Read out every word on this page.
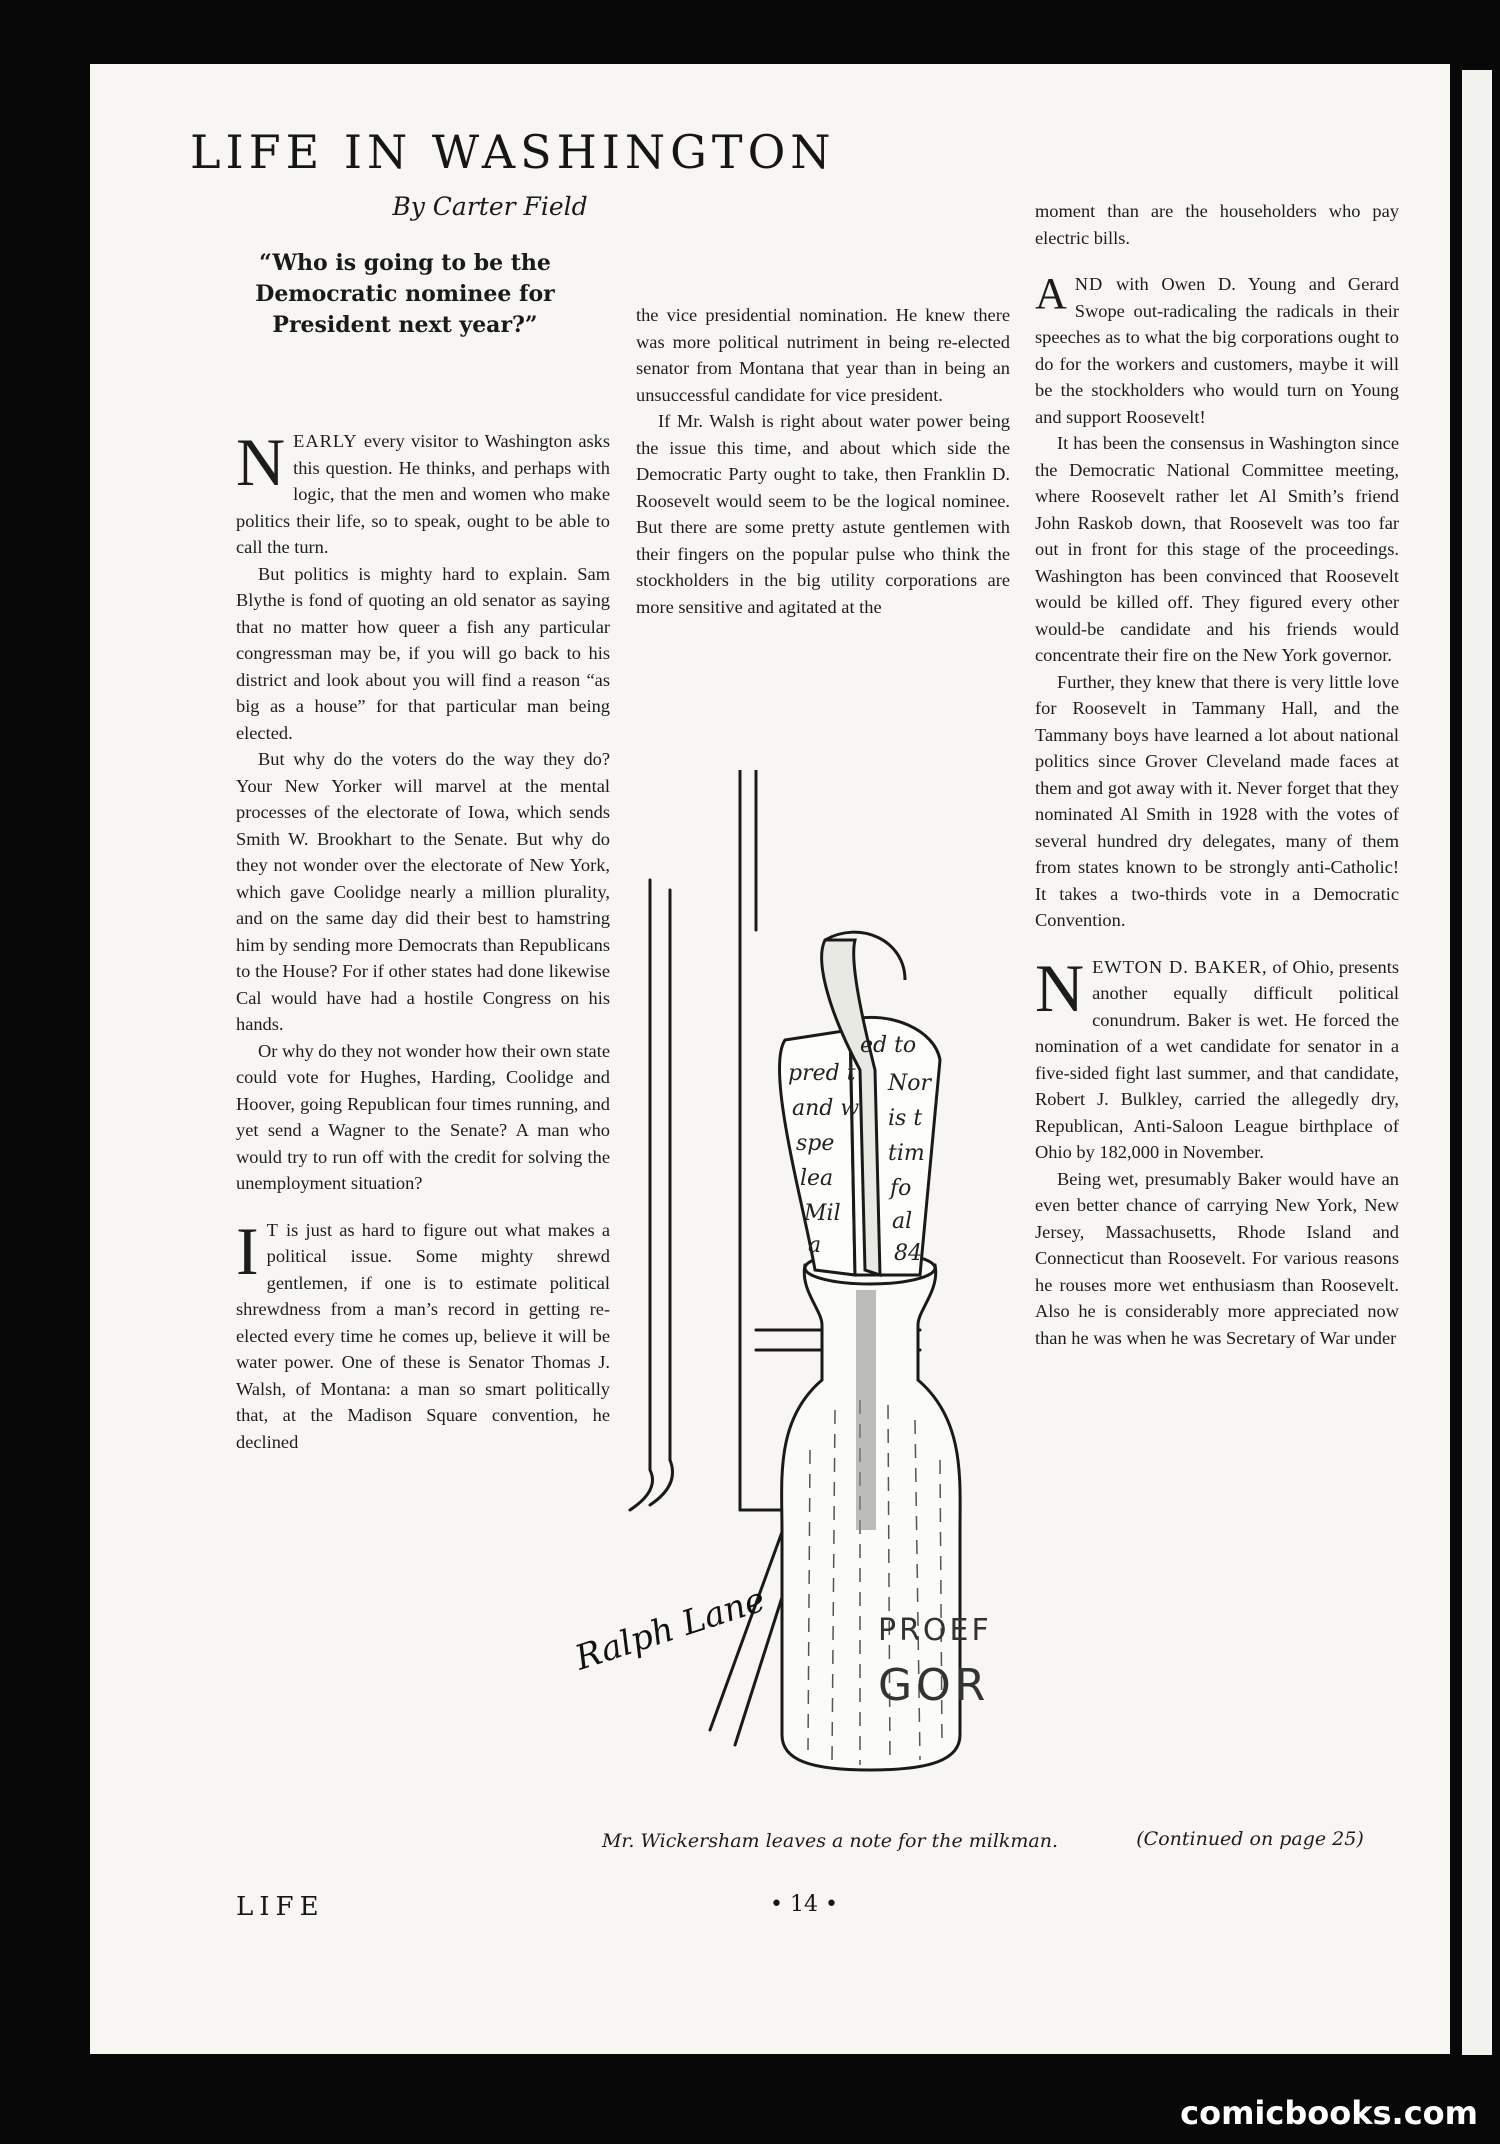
LIFE IN WASHINGTON
By Carter Field
“Who is going to be the Democratic nominee for President next year?”

NEARLY every visitor to Washington asks this question. He thinks, and perhaps with logic, that the men and women who make politics their life, so to speak, ought to be able to call the turn.

But politics is mighty hard to explain. Sam Blythe is fond of quoting an old senator as saying that no matter how queer a fish any particular congressman may be, if you will go back to his district and look about you will find a reason “as big as a house” for that particular man being elected.

But why do the voters do the way they do? Your New Yorker will marvel at the mental processes of the electorate of Iowa, which sends Smith W. Brookhart to the Senate. But why do they not wonder over the electorate of New York, which gave Coolidge nearly a million plurality, and on the same day did their best to hamstring him by sending more Democrats than Republicans to the House? For if other states had done likewise Cal would have had a hostile Congress on his hands.

Or why do they not wonder how their own state could vote for Hughes, Harding, Coolidge and Hoover, going Republican four times running, and yet send a Wagner to the Senate? A man who would try to run off with the credit for solving the unemployment situation?

I T is just as hard to figure out what makes a political issue. Some mighty shrewd gentlemen, if one is to estimate political shrewdness from a man’s record in getting re-elected every time he comes up, believe it will be water power. One of these is Senator Thomas J. Walsh, of Montana: a man so smart politically that, at the Madison Square convention, he declined

the vice presidential nomination. He knew there was more political nutriment in being re-elected senator from Montana that year than in being an unsuccessful candidate for vice president.

If Mr. Walsh is right about water power being the issue this time, and about which side the Democratic Party ought to take, then Franklin D. Roosevelt would seem to be the logical nominee. But there are some pretty astute gentlemen with their fingers on the popular pulse who think the stockholders in the big utility corporations are more sensitive and agitated at the

moment than are the householders who pay electric bills.

AND with Owen D. Young and Gerard Swope out-radicaling the radicals in their speeches as to what the big corporations ought to do for the workers and customers, maybe it will be the stockholders who would turn on Young and support Roosevelt!

It has been the consensus in Washington since the Democratic National Committee meeting, where Roosevelt rather let Al Smith’s friend John Raskob down, that Roosevelt was too far out in front for this stage of the proceedings. Washington has been convinced that Roosevelt would be killed off. They figured every other would-be candidate and his friends would concentrate their fire on the New York governor.

Further, they knew that there is very little love for Roosevelt in Tammany Hall, and the Tammany boys have learned a lot about national politics since Grover Cleveland made faces at them and got away with it. Never forget that they nominated Al Smith in 1928 with the votes of several hundred dry delegates, many of them from states known to be strongly anti-Catholic! It takes a two-thirds vote in a Democratic Convention.

NEWTON D. BAKER, of Ohio, presents another equally difficult political conundrum. Baker is wet. He forced the nomination of a wet candidate for senator in a five-sided fight last summer, and that candidate, Robert J. Bulkley, carried the allegedly dry, Republican, Anti-Saloon League birthplace of Ohio by 182,000 in November.

Being wet, presumably Baker would have an even better chance of carrying New York, New Jersey, Massachusetts, Rhode Island and Connecticut than Roosevelt. For various reasons he rouses more wet enthusiasm than Roosevelt. Also he is considerably more appreciated now than he was when he was Secretary of War under

PROEF
GOR
pred t
and w
spe
lea
Mil
a
ed to
Nor
is t
tim
fo
al
84
Ralph Lane
Mr. Wickersham leaves a note for the milkman.	(Continued on page 25)
LIFE	• 14 •
comicbooks.com
